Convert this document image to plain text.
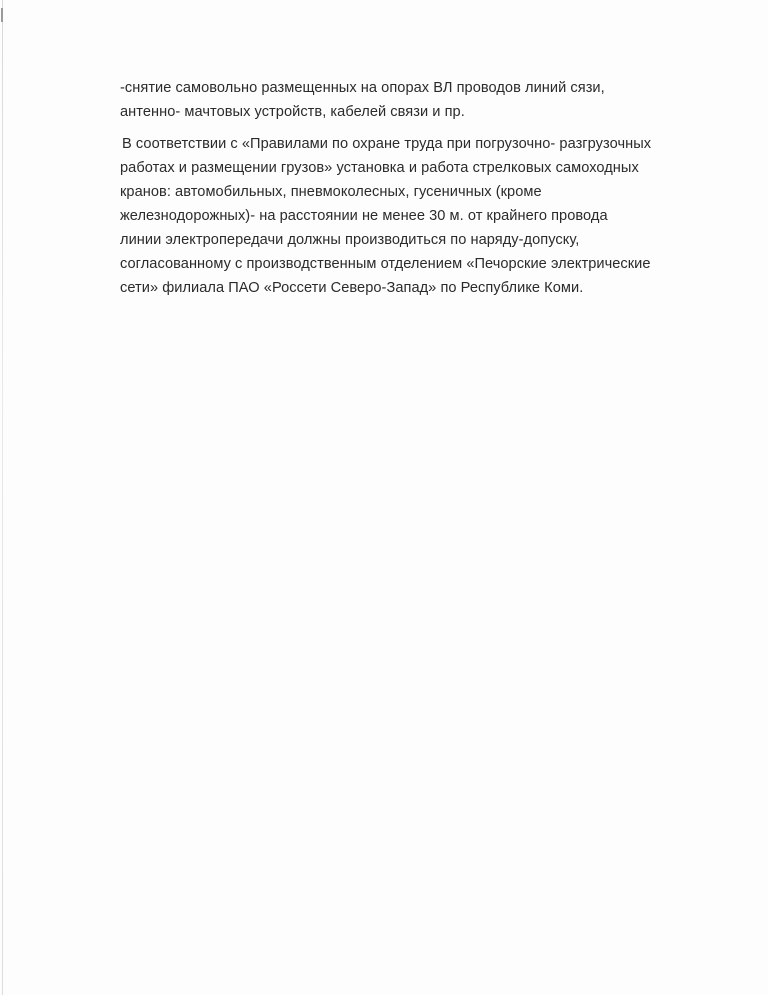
-снятие самовольно размещенных на опорах ВЛ проводов линий сязи,
антенно- мачтовых устройств, кабелей связи и пр.
В соответствии с «Правилами по охране труда при погрузочно- разгрузочных
работах и размещении грузов» установка и работа стрелковых самоходных
кранов: автомобильных, пневмоколесных, гусеничных (кроме
железнодорожных)- на расстоянии не менее 30 м. от крайнего провода
линии электропередачи должны производиться по наряду-допуску,
согласованному с производственным отделением «Печорские электрические
сети» филиала ПАО «Россети Северо-Запад» по Республике Коми.
